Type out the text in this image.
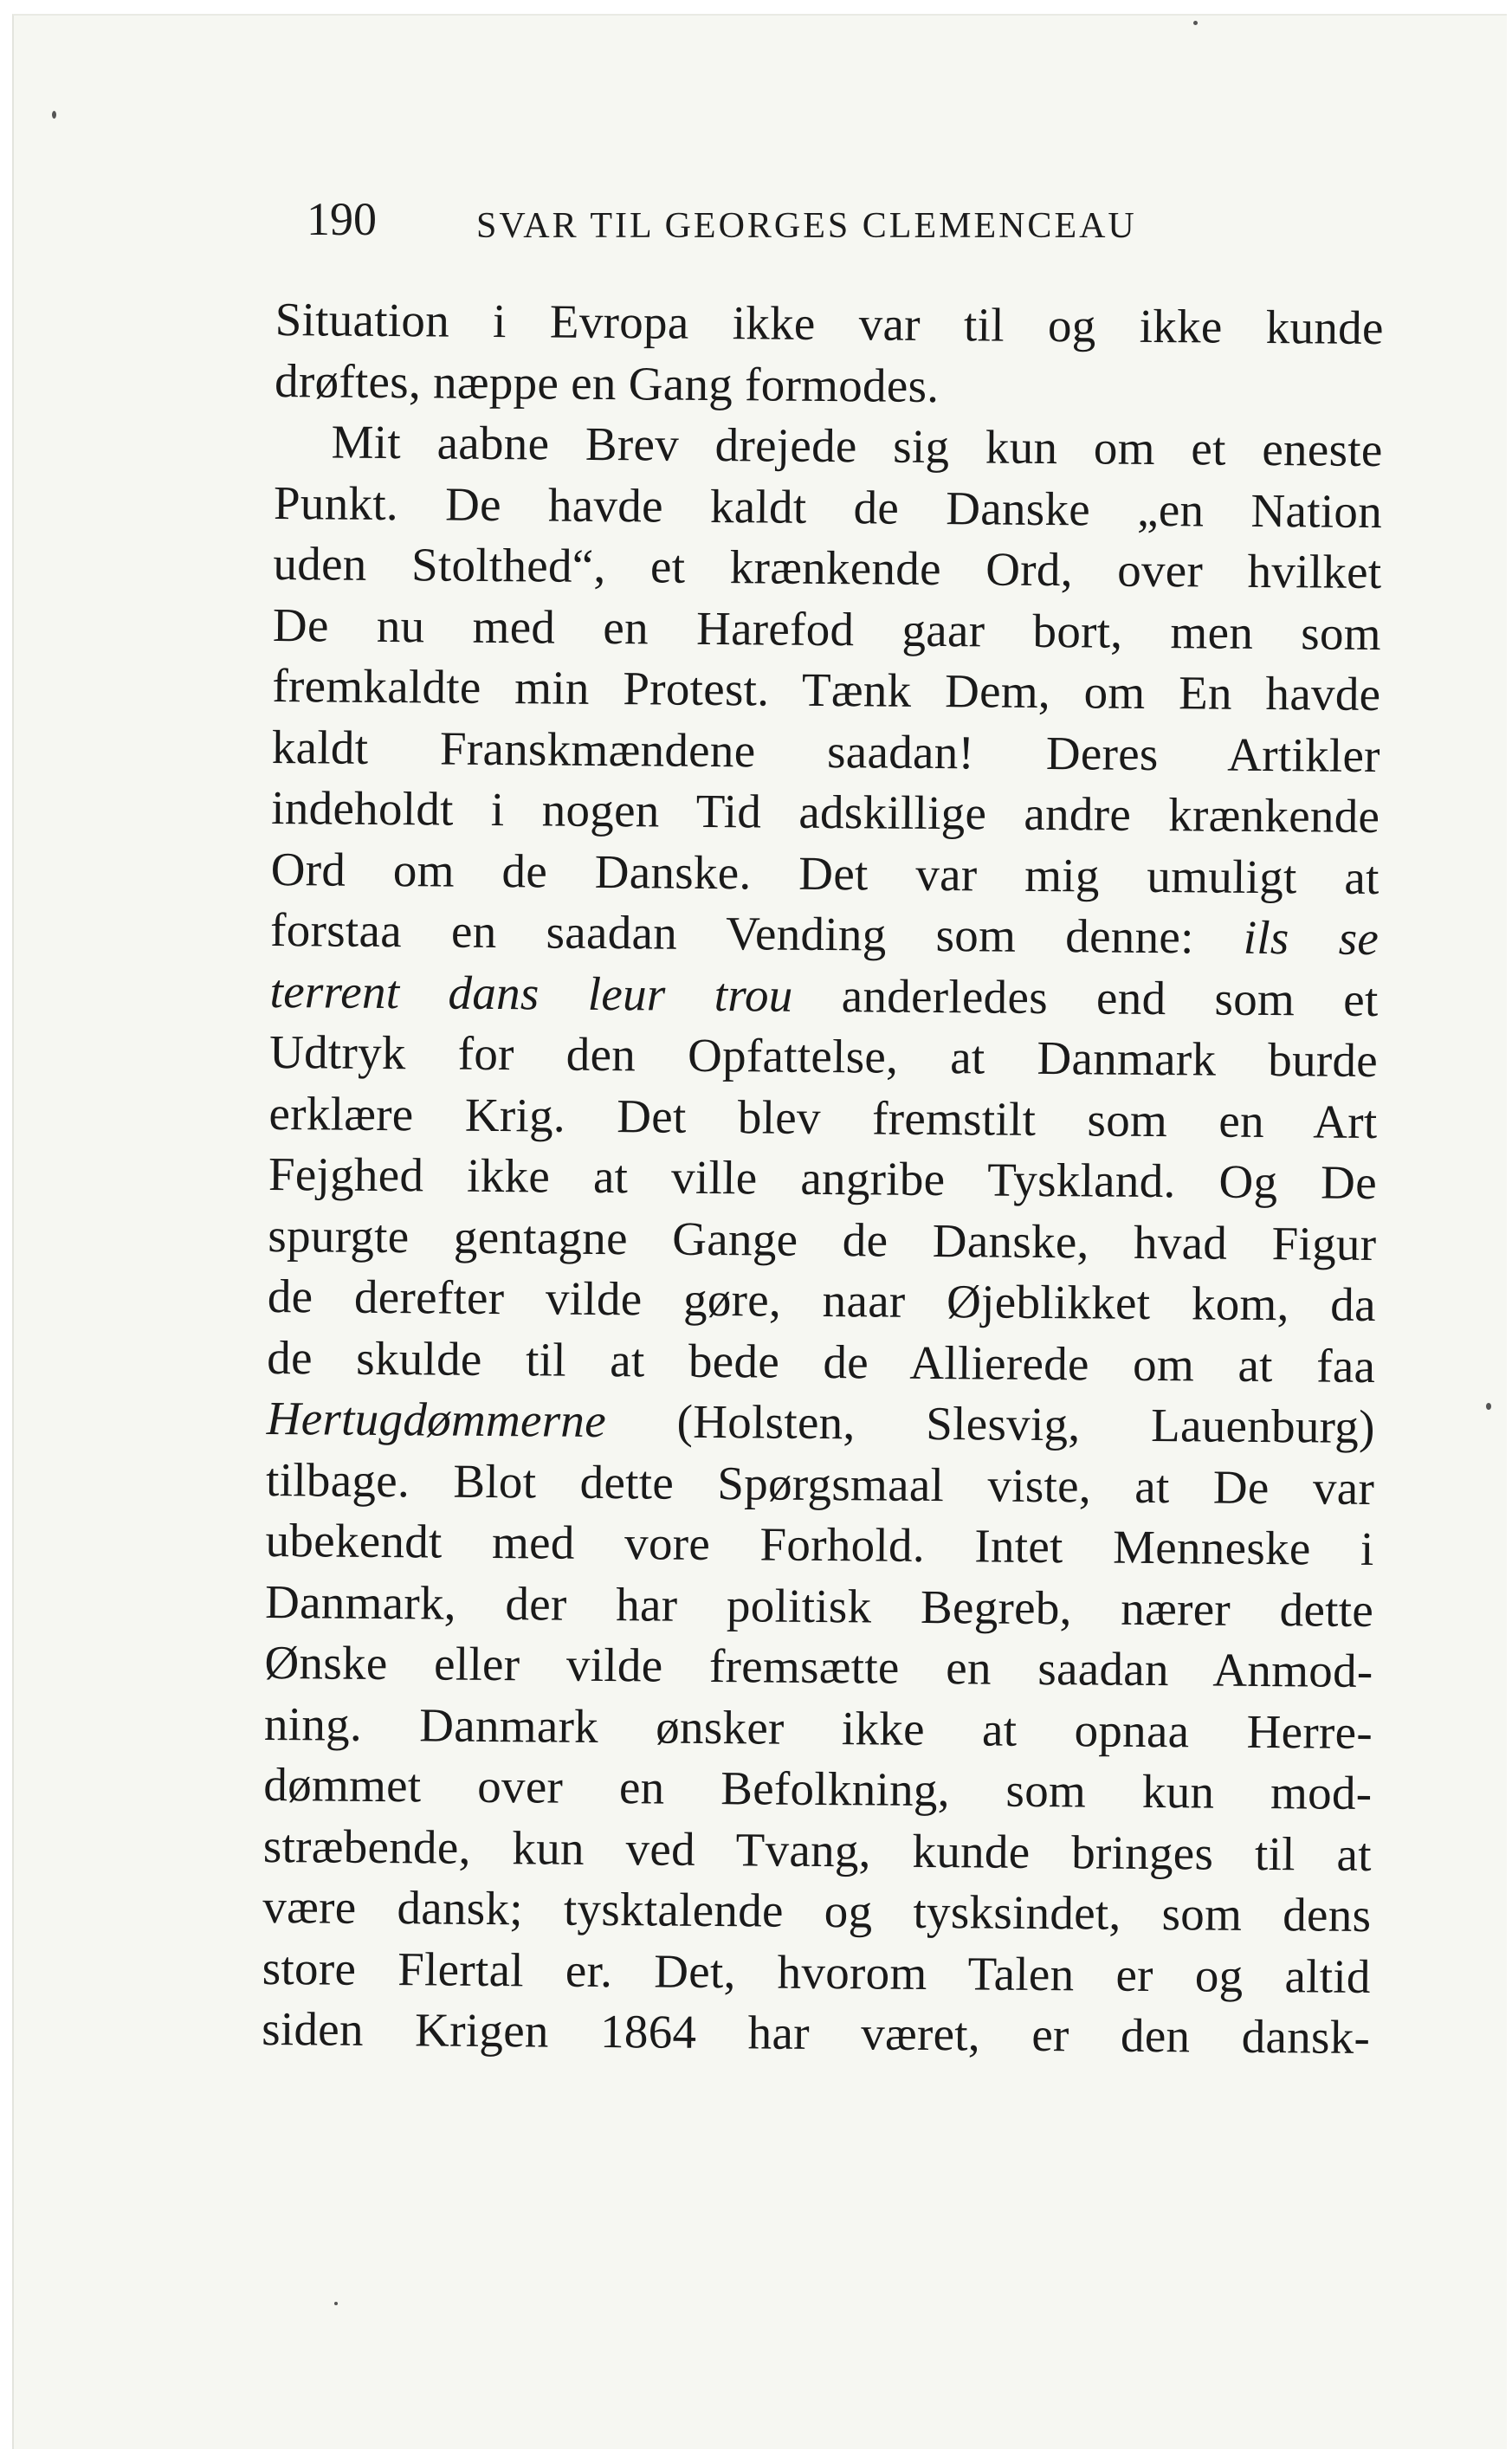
190	SVAR TIL GEORGES CLEMENCEAU
Situation i Evropa ikke var til og ikke kunde
drøftes, næppe en Gang formodes.
Mit aabne Brev drejede sig kun om et eneste
Punkt. De havde kaldt de Danske „en Nation
uden Stolthed“, et krænkende Ord, over hvilket
De nu med en Harefod gaar bort, men som
fremkaldte min Protest. Tænk Dem, om En havde
kaldt Franskmændene saadan! Deres Artikler
indeholdt i nogen Tid adskillige andre krænkende
Ord om de Danske. Det var mig umuligt at
forstaa en saadan Vending som denne: ils se
terrent dans leur trou anderledes end som et
Udtryk for den Opfattelse, at Danmark burde
erklære Krig. Det blev fremstilt som en Art
Fejghed ikke at ville angribe Tyskland. Og De
spurgte gentagne Gange de Danske, hvad Figur
de derefter vilde gøre, naar Øjeblikket kom, da
de skulde til at bede de Allierede om at faa
Hertugdømmerne (Holsten, Slesvig, Lauenburg)
tilbage. Blot dette Spørgsmaal viste, at De var
ubekendt med vore Forhold. Intet Menneske i
Danmark, der har politisk Begreb, nærer dette
Ønske eller vilde fremsætte en saadan Anmod-
ning. Danmark ønsker ikke at opnaa Herre-
dømmet over en Befolkning, som kun mod-
stræbende, kun ved Tvang, kunde bringes til at
være dansk; tysktalende og tysksindet, som dens
store Flertal er. Det, hvorom Talen er og altid
siden Krigen 1864 har været, er den dansk-
